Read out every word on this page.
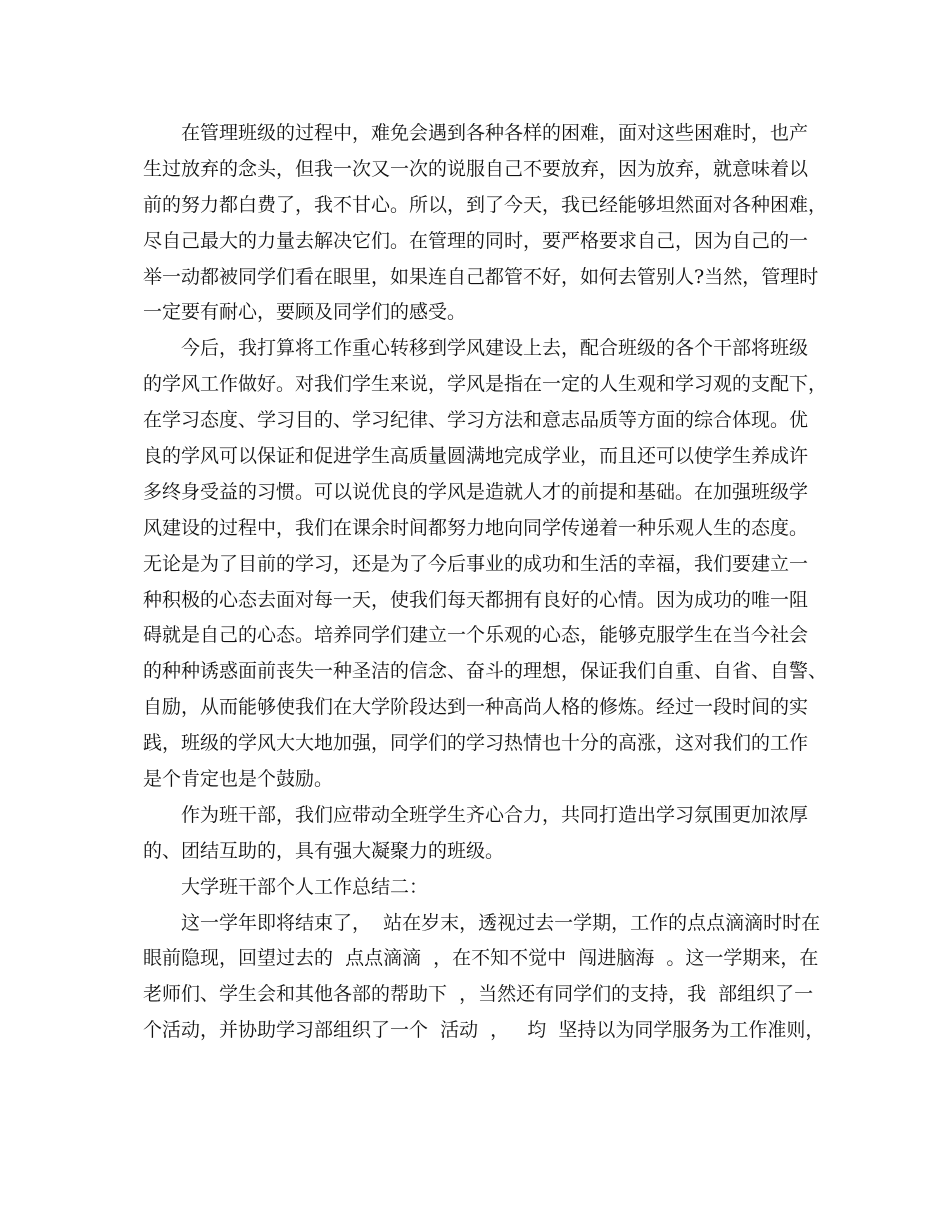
在管理班级的过程中，难免会遇到各种各样的困难，面对这些困难时，也产
生过放弃的念头，但我一次又一次的说服自己不要放弃，因为放弃，就意味着以
前的努力都白费了，我不甘心。所以，到了今天，我已经能够坦然面对各种困难，
尽自己最大的力量去解决它们。在管理的同时，要严格要求自己，因为自己的一
举一动都被同学们看在眼里，如果连自己都管不好，如何去管别人?当然，管理时
一定要有耐心，要顾及同学们的感受。
今后，我打算将工作重心转移到学风建设上去，配合班级的各个干部将班级
的学风工作做好。对我们学生来说，学风是指在一定的人生观和学习观的支配下，
在学习态度、学习目的、学习纪律、学习方法和意志品质等方面的综合体现。优
良的学风可以保证和促进学生高质量圆满地完成学业，而且还可以使学生养成许
多终身受益的习惯。可以说优良的学风是造就人才的前提和基础。在加强班级学
风建设的过程中，我们在课余时间都努力地向同学传递着一种乐观人生的态度。
无论是为了目前的学习，还是为了今后事业的成功和生活的幸福，我们要建立一
种积极的心态去面对每一天，使我们每天都拥有良好的心情。因为成功的唯一阻
碍就是自己的心态。培养同学们建立一个乐观的心态，能够克服学生在当今社会
的种种诱惑面前丧失一种圣洁的信念、奋斗的理想，保证我们自重、自省、自警、
自励，从而能够使我们在大学阶段达到一种高尚人格的修炼。经过一段时间的实
践，班级的学风大大地加强，同学们的学习热情也十分的高涨，这对我们的工作
是个肯定也是个鼓励。
作为班干部，我们应带动全班学生齐心合力，共同打造出学习氛围更加浓厚
的、团结互助的，具有强大凝聚力的班级。
大学班干部个人工作总结二：
这一学年即将结束了，  站在岁末，透视过去一学期，工作的点点滴滴时时在
眼前隐现，回望过去的  点点滴滴  ，在不知不觉中  闯进脑海  。这一学期来，在
老师们、学生会和其他各部的帮助下  ，当然还有同学们的支持，我  部组织了一
个活动，并协助学习部组织了一个  活动  ，   均  坚持以为同学服务为工作准则，
